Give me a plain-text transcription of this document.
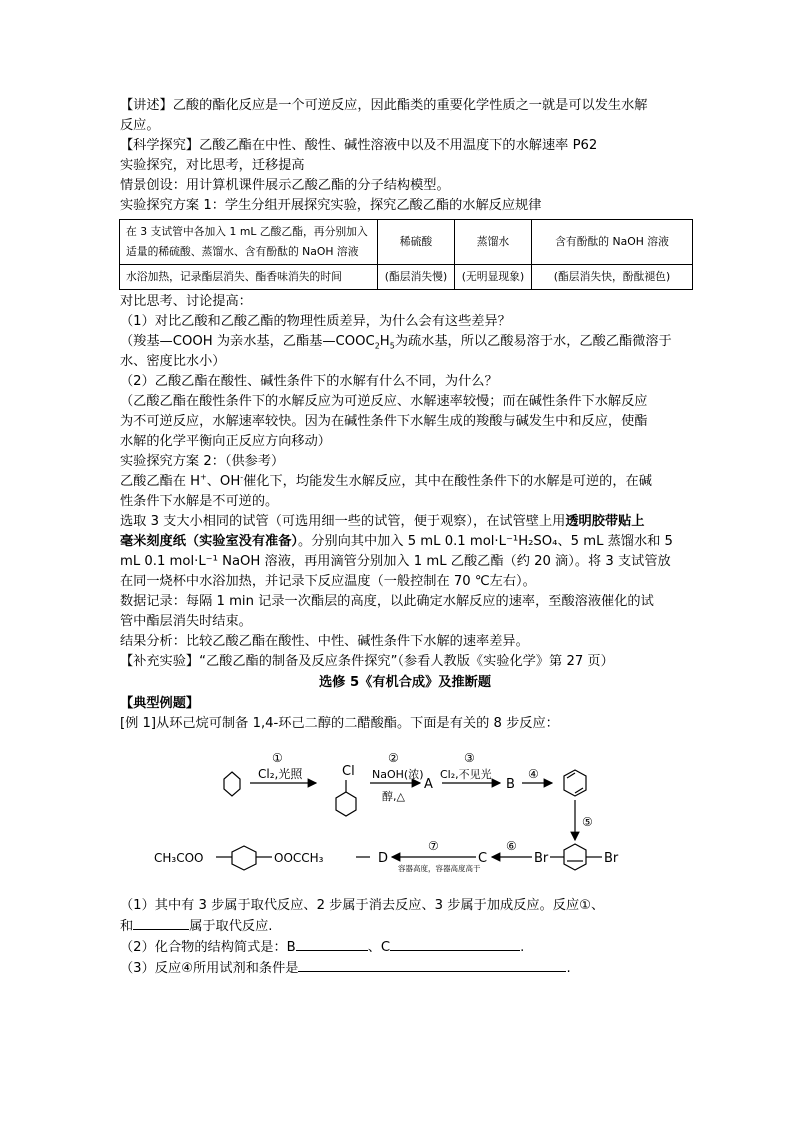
【讲述】乙酸的酯化反应是一个可逆反应，因此酯类的重要化学性质之一就是可以发生水解

反应。

【科学探究】乙酸乙酯在中性、酸性、碱性溶液中以及不用温度下的水解速率 P62

实验探究，对比思考，迁移提高

情景创设：用计算机课件展示乙酸乙酯的分子结构模型。

实验探究方案 1：学生分组开展探究实验，探究乙酸乙酯的水解反应规律

在 3 支试管中各加入 1 mL 乙酸乙酯，再分别加入适量的稀硫酸、蒸馏水、含有酚酞的 NaOH 溶液	稀硫酸	蒸馏水	含有酚酞的 NaOH 溶液
水浴加热，记录酯层消失、酯香味消失的时间	(酯层消失慢)	(无明显现象)	(酯层消失快，酚酞褪色)

对比思考、讨论提高：

（1）对比乙酸和乙酸乙酯的物理性质差异，为什么会有这些差异？

（羧基—COOH 为亲水基，乙酯基$—COOC_2H_5$为疏水基，所以乙酸易溶于水，乙酸乙酯微溶于

水、密度比水小）

（2）乙酸乙酯在酸性、碱性条件下的水解有什么不同，为什么？

（乙酸乙酯在酸性条件下的水解反应为可逆反应、水解速率较慢；而在碱性条件下水解反应

为不可逆反应，水解速率较快。因为在碱性条件下水解生成的羧酸与碱发生中和反应，使酯

水解的化学平衡向正反应方向移动）

实验探究方案 2：（供参考）

乙酸乙酯在 H+、OH-催化下，均能发生水解反应，其中在酸性条件下的水解是可逆的，在碱

性条件下水解是不可逆的。

选取 3 支大小相同的试管（可选用细一些的试管，便于观察），在试管壁上用透明胶带贴上

毫米刻度纸（实验室没有准备）。分别向其中加入 5 mL 0.1 mol·L⁻¹H₂SO₄、5 mL 蒸馏水和 5

mL 0.1 mol·L⁻¹ NaOH 溶液，再用滴管分别加入 1 mL 乙酸乙酯（约 20 滴）。将 3 支试管放

在同一烧杯中水浴加热，并记录下反应温度（一般控制在 70 ℃左右）。

数据记录：每隔 1 min 记录一次酯层的高度，以此确定水解反应的速率，至酸溶液催化的试

管中酯层消失时结束。

结果分析：比较乙酸乙酯在酸性、中性、碱性条件下水解的速率差异。

【补充实验】“乙酸乙酯的制备及反应条件探究”（参看人教版《实验化学》第 27 页）

选修 5《有机合成》及推断题

【典型例题】

[例 1]从环己烷可制备 1,4-环己二醇的二醋酸酯。下面是有关的 8 步反应：

①
Cl₂,光照	Cl
②
NaOH(浓)
醇,△
A
③
Cl₂,不见光
B
④
⑤
Br	Br
C
⑥
D
⑦
容器高度，容器高度高于
CH₃COO	OOCCH₃

（1）其中有 3 步属于取代反应、2 步属于消去反应、3 步属于加成反应。反应①、

和	属于取代反应.

（2）化合物的结构简式是：B	、C	.

（3）反应④所用试剂和条件是	.
